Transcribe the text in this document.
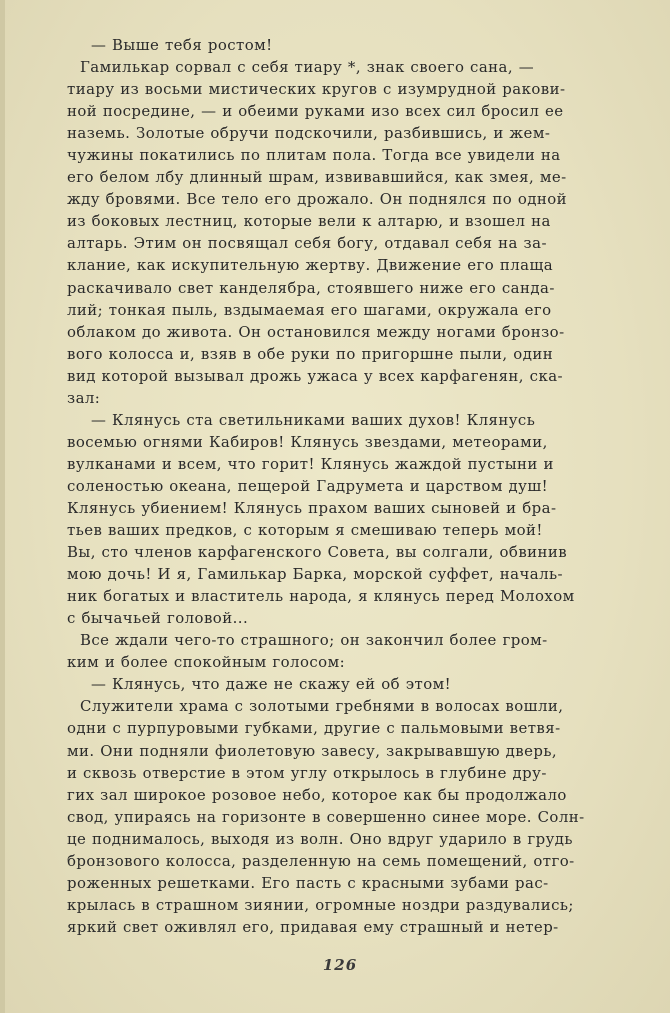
— Выше тебя ростом!
Гамилькар сорвал с себя тиару *, знак своего сана, —
тиару из восьми мистических кругов с изумрудной ракови-
ной посредине, — и обеими руками изо всех сил бросил ее
наземь. Золотые обручи подскочили, разбившись, и жем-
чужины покатились по плитам пола. Тогда все увидели на
его белом лбу длинный шрам, извивавшийся, как змея, ме-
жду бровями. Все тело его дрожало. Он поднялся по одной
из боковых лестниц, которые вели к алтарю, и взошел на
алтарь. Этим он посвящал себя богу, отдавал себя на за-
клание, как искупительную жертву. Движение его плаща
раскачивало свет канделябра, стоявшего ниже его санда-
лий; тонкая пыль, вздымаемая его шагами, окружала его
облаком до живота. Он остановился между ногами бронзо-
вого колосса и, взяв в обе руки по пригоршне пыли, один
вид которой вызывал дрожь ужаса у всех карфагенян, ска-
зал:
— Клянусь ста светильниками ваших духов! Клянусь
восемью огнями Кабиров! Клянусь звездами, метеорами,
вулканами и всем, что горит! Клянусь жаждой пустыни и
соленостью океана, пещерой Гадрумета и царством душ!
Клянусь убиением! Клянусь прахом ваших сыновей и бра-
тьев ваших предков, с которым я смешиваю теперь мой!
Вы, сто членов карфагенского Совета, вы солгали, обвинив
мою дочь! И я, Гамилькар Барка, морской суффет, началь-
ник богатых и властитель народа, я клянусь перед Молохом
с бычачьей головой...
Все ждали чего-то страшного; он закончил более гром-
ким и более спокойным голосом:
— Клянусь, что даже не скажу ей об этом!
Служители храма с золотыми гребнями в волосах вошли,
одни с пурпуровыми губками, другие с пальмовыми ветвя-
ми. Они подняли фиолетовую завесу, закрывавшую дверь,
и сквозь отверстие в этом углу открылось в глубине дру-
гих зал широкое розовое небо, которое как бы продолжало
свод, упираясь на горизонте в совершенно синее море. Солн-
це поднималось, выходя из волн. Оно вдруг ударило в грудь
бронзового колосса, разделенную на семь помещений, отго-
роженных решетками. Его пасть с красными зубами рас-
крылась в страшном зиянии, огромные ноздри раздувались;
яркий свет оживлял его, придавая ему страшный и нетер-
126
